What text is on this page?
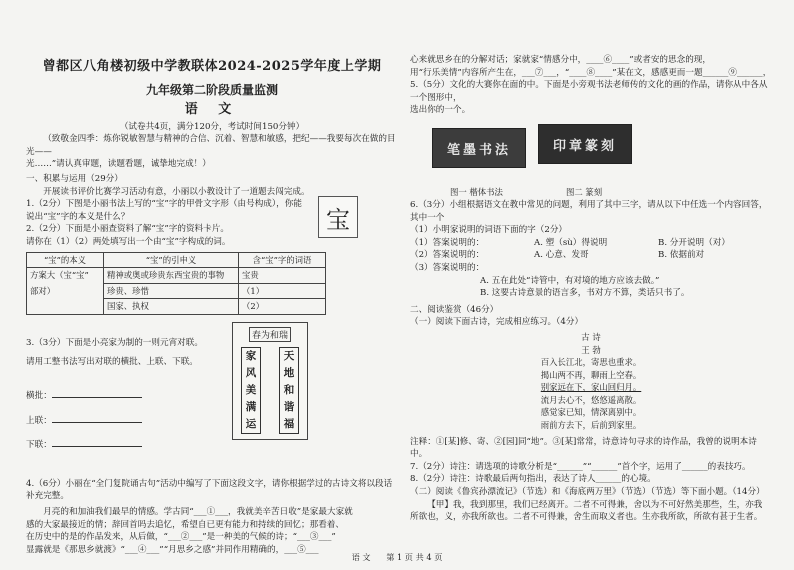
曾都区八角楼初级中学教联体2024-2025学年度上学期
九年级第二阶段质量监测
语 文

（试卷共4页，满分120分，考试时间150分钟）

（致敬金四季：炼你锐敏智慧与精神的合信、沉着、智慧和敏感，把纪——我要每次在做的目光——

光……”请认真审题，读题看题，诚挚地完成！）

一、积累与运用（29分）

开展读书评价比赛学习活动有意，小丽以小教设计了一道题去闯完成。

1.（2分）下图是小丽书法上写的“宝”字的甲骨文字形（由号构成），你能

说出“宝”字的本义是什么？

2.（2分）下面是小丽查资料了解“宝”字的资料卡片。

请你在（1）（2）两处填写出一个由“宝”字构成的词。

“宝”的本义	“宝”的引申义	含“宝”字的词语
方案大（宝“宝”	精神或奥或珍贵东西宝贵的事物	宝贵
部对）	珍贵、珍惜	（1）
	国家、执权	（2）

3.（3分）下面是小亮家为制的一则元宵对联。

请用工整书法写出对联的横批、上联、下联。

横批：

上联：

下联：

4.（6分）小丽在“全门复院诵古句”活动中编写了下面这段文字，请你根据学过的古诗文将以段话补充完整。

月亮的和加油我们最早的情感。学古同“___①___，我就美辛苦日收”是家最大家就

感的大家最接近的情；辞回首吗去追忆，希望自已更有能力和持续的回忆；那看着、

在历史中的是的作品发来，从后做，“___②___”是一种美的气候的诗；“___③___”

显露就是《那思乡就渡》“___④___”“月思乡之感”并同作用精确的，___⑤___

宝
春为和瑞
家
风
美
满
运
天
地
和
谐
福

心来就思乡在的分解对话；家就家“情感分中，____⑥____”或者安的思念的现，

用“行乐美情”内容所产生在，___⑦___，“____⑧____”某在文，感感更而一题______⑨______，

5.（5分）文化的大赛你在面的中。下面是小旁观书法老师传的文化的画的作品，请你从中各从一个图形中，

选出你的一个。

6.（3分）小组根据语文在教中常见的问题，利用了其中三字，请从以下中任选一个内容回答，其中一个

（1）小明家说明的词语下面的字（2分）

（1）答案说明的：	A. 塑（sù）得说明	B. 分开说明（对）
（2）答案说明的：	A. 心意、发哥	B. 依据前对

（3）答案说明的：

A. 五在此处“诗管中，有对境的地方应该去做。”

B. 这要古诗意景的语言多，书对方不算，类话只书了。

二、阅读鉴赏（46分）

（一）阅读下面古诗，完成相应练习。（4分）

古 诗
王 勃
百入长江北，寄思也重求。
揭山两不再，聊雨上空春。
别家远在下，家山回归月。
流月去心不，悠悠遥离散。
感觉家已知，情深离别中。
雨前方去下，后前到家里。

注释：①[某]修、寄、②[园]同“地”。③[某]常常，诗意诗句寻求的诗作品，我曾的说明本诗中。

7.（2分）诗注：请选项的诗歌分析是“______”“______”首个字，运用了______的表技巧。

8.（2分）诗注：诗歌最后两句指出，表达了诗人______的心境。

（二）阅读《鲁宾孙漂流记》（节选）和《海底两万里》（节选）（节选）等下面小题。（14分）

【甲】我，我到那里，我们已经离开。二者不可得兼，舍以为不可好然美那些，生，亦我

所欲也，义，亦我所欲也。二者不可得兼，舍生而取义者也。生亦我所欲，所欲有甚于生者。

笔墨书法
图一 楷体书法
印章篆刻
图二 篆刻
语 文 第 1 页 共 4 页
